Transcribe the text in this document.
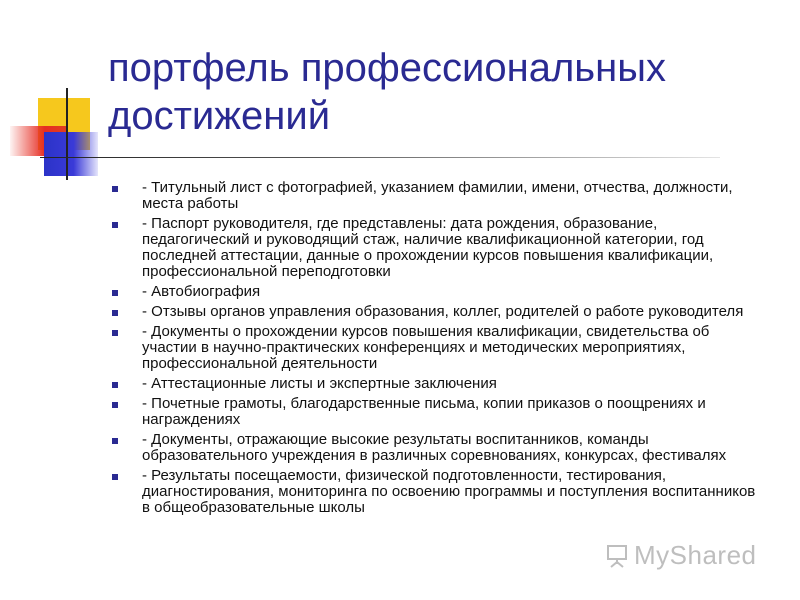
портфель профессиональных достижений
- Титульный лист с фотографией, указанием фамилии, имени, отчества, должности, места работы
- Паспорт руководителя, где представлены: дата рождения, образование, педагогический и руководящий стаж, наличие квалификационной категории, год последней аттестации, данные о прохождении курсов повышения квалификации, профессиональной переподготовки
- Автобиография
- Отзывы органов управления образования, коллег, родителей о работе руководителя
- Документы о прохождении курсов повышения квалификации, свидетельства об участии в научно-практических конференциях и методических мероприятиях, профессиональной деятельности
- Аттестационные листы и экспертные заключения
- Почетные грамоты, благодарственные письма, копии приказов о поощрениях и награждениях
- Документы, отражающие высокие результаты воспитанников, команды образовательного учреждения в различных соревнованиях, конкурсах, фестивалях
- Результаты посещаемости, физической подготовленности, тестирования, диагностирования, мониторинга по освоению программы и поступления воспитанников в общеобразовательные школы
MyShared
